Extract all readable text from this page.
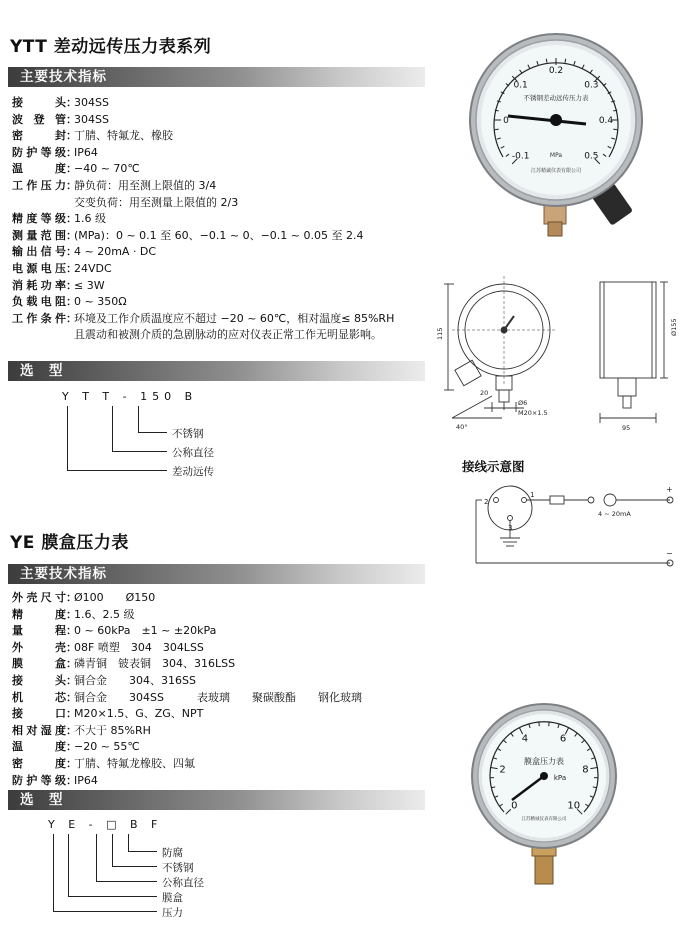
YTT 差动远传压力表系列
主要技术指标
接　头：304SS
波登管：304SS
密　封：丁腈、特氟龙、橡胶
防护等级：IP64
温　度：−40 ~ 70℃
工作压力：静负荷：用至测上限值的 3/4
交变负荷：用至测量上限值的 2/3
精度等级：1.6 级
测量范围：(MPa)：0 ~ 0.1 至 60、−0.1 ~ 0、−0.1 ~ 0.05 至 2.4
输出信号：4 ~ 20mA · DC
电源电压：24VDC
消耗功率：≤ 3W
负载电阻：0 ~ 350Ω
工作条件：环境及工作介质温度应不超过 −20 ~ 60℃，相对温度≤ 85%RH
且震动和被测介质的急剧脉动的应对仪表正常工作无明显影响。
选　型
Y T T - 150 B
不锈钢
公称直径
差动远传
-0.1
0
0.1
0.2
0.3
0.4
0.5
不锈钢差动远传压力表
MPa
江苏精诚仪表有限公司
115	Ø155
20
Ø6
M20×1.5
40°	95
接线示意图
2
1
3
4 ~ 20mA
+
−
YE 膜盒压力表
主要技术指标
外壳尺寸：Ø100　　Ø150
精　度：1.6、2.5 级
量　程：0 ~ 60kPa　±1 ~ ±20kPa
外　壳：08F 喷塑　304　304LSS
膜　盒：磷青铜　铍表铜　304、316LSS
接　头：铜合金　　304、316SS
机　芯：铜合金　　304SS　　　表玻璃　　聚碳酸酯　　钢化玻璃
接　口：M20×1.5、G、ZG、NPT
相对湿度：不大于 85%RH
温　度：−20 ~ 55℃
密　度：丁腈、特氟龙橡胶、四氟
防护等级：IP64
选　型
Y E - □ B F
防腐
不锈钢
公称直径
膜盒
压力
0
2
4	6
8
10
膜盒压力表
kPa
江苏精诚仪表有限公司
